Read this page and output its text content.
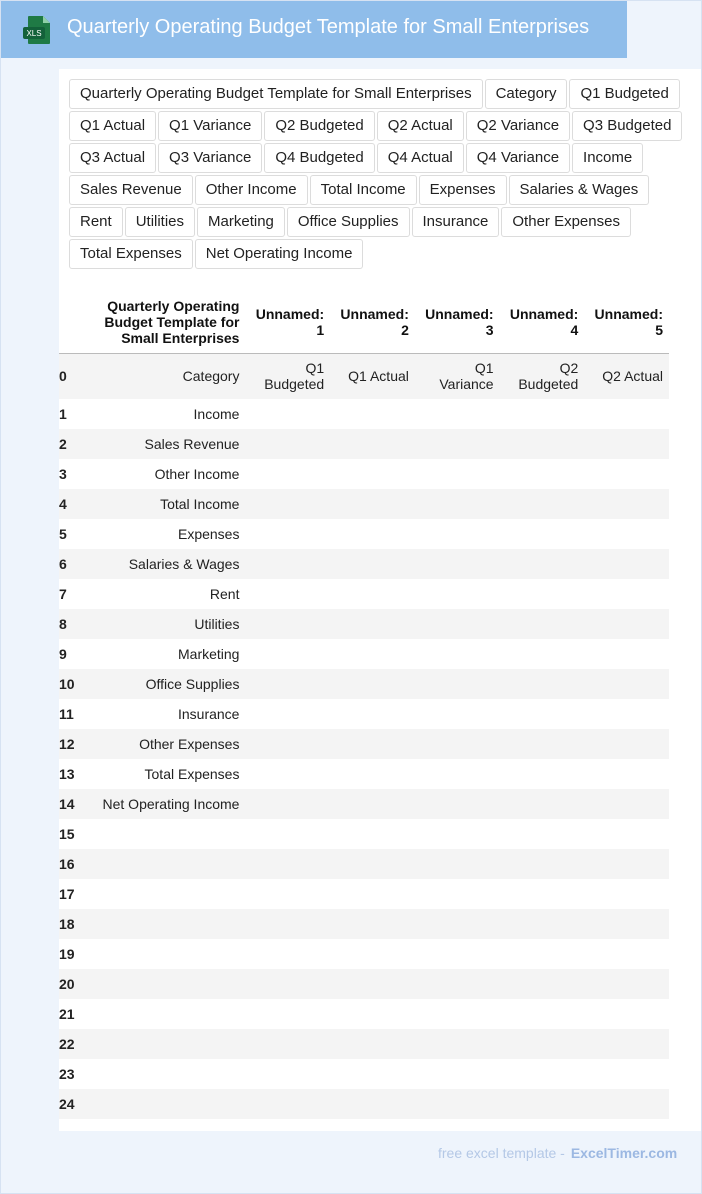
XLS Quarterly Operating Budget Template for Small Enterprises
Quarterly Operating Budget Template for Small Enterprises	Category	Q1 Budgeted
Q1 Actual	Q1 Variance	Q2 Budgeted	Q2 Actual	Q2 Variance	Q3 Budgeted
Q3 Actual	Q3 Variance	Q4 Budgeted	Q4 Actual	Q4 Variance	Income
Sales Revenue	Other Income	Total Income	Expenses	Salaries & Wages
Rent	Utilities	Marketing	Office Supplies	Insurance	Other Expenses
Total Expenses	Net Operating Income
	Quarterly Operating Budget Template for Small Enterprises	Unnamed: 1	Unnamed: 2	Unnamed: 3	Unnamed: 4	Unnamed: 5
0	Category	Q1 Budgeted	Q1 Actual	Q1 Variance	Q2 Budgeted	Q2 Actual
1	Income					
2	Sales Revenue					
3	Other Income					
4	Total Income					
5	Expenses					
6	Salaries & Wages					
7	Rent					
8	Utilities					
9	Marketing					
10	Office Supplies					
11	Insurance					
12	Other Expenses					
13	Total Expenses					
14	Net Operating Income					
15						
16						
17						
18						
19						
20						
21						
22						
23						
24						
free excel template - ExcelTimer.com
